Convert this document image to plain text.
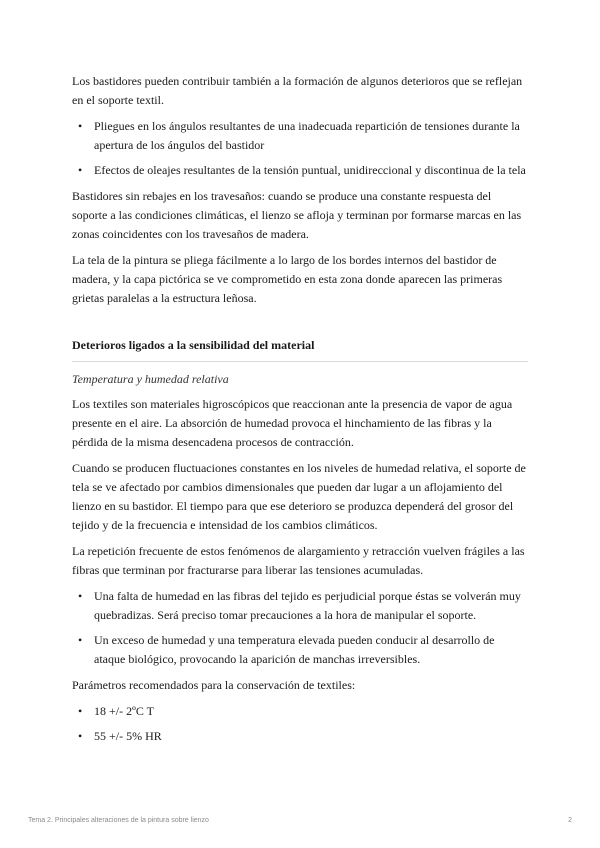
Los bastidores pueden contribuir también a la formación de algunos deterioros que se reflejan en el soporte textil.

• Pliegues en los ángulos resultantes de una inadecuada repartición de tensiones durante la apertura de los ángulos del bastidor
• Efectos de oleajes resultantes de la tensión puntual, unidireccional y discontinua de la tela

Bastidores sin rebajes en los travesaños: cuando se produce una constante respuesta del soporte a las condiciones climáticas, el lienzo se afloja y terminan por formarse marcas en las zonas coincidentes con los travesaños de madera.

La tela de la pintura se pliega fácilmente a lo largo de los bordes internos del bastidor de madera, y la capa pictórica se ve comprometido en esta zona donde aparecen las primeras grietas paralelas a la estructura leñosa.

Deterioros ligados a la sensibilidad del material
Temperatura y humedad relativa

Los textiles son materiales higroscópicos que reaccionan ante la presencia de vapor de agua presente en el aire. La absorción de humedad provoca el hinchamiento de las fibras y la pérdida de la misma desencadena procesos de contracción.

Cuando se producen fluctuaciones constantes en los niveles de humedad relativa, el soporte de tela se ve afectado por cambios dimensionales que pueden dar lugar a un aflojamiento del lienzo en su bastidor. El tiempo para que ese deterioro se produzca dependerá del grosor del tejido y de la frecuencia e intensidad de los cambios climáticos.

La repetición frecuente de estos fenómenos de alargamiento y retracción vuelven frágiles a las fibras que terminan por fracturarse para liberar las tensiones acumuladas.

• Una falta de humedad en las fibras del tejido es perjudicial porque éstas se volverán muy quebradizas. Será preciso tomar precauciones a la hora de manipular el soporte.
• Un exceso de humedad y una temperatura elevada pueden conducir al desarrollo de ataque biológico, provocando la aparición de manchas irreversibles.

Parámetros recomendados para la conservación de textiles:

• 18 +/- 2ºC T
• 55 +/- 5% HR
Tema 2. Principales alteraciones de la pintura sobre lienzo	2
